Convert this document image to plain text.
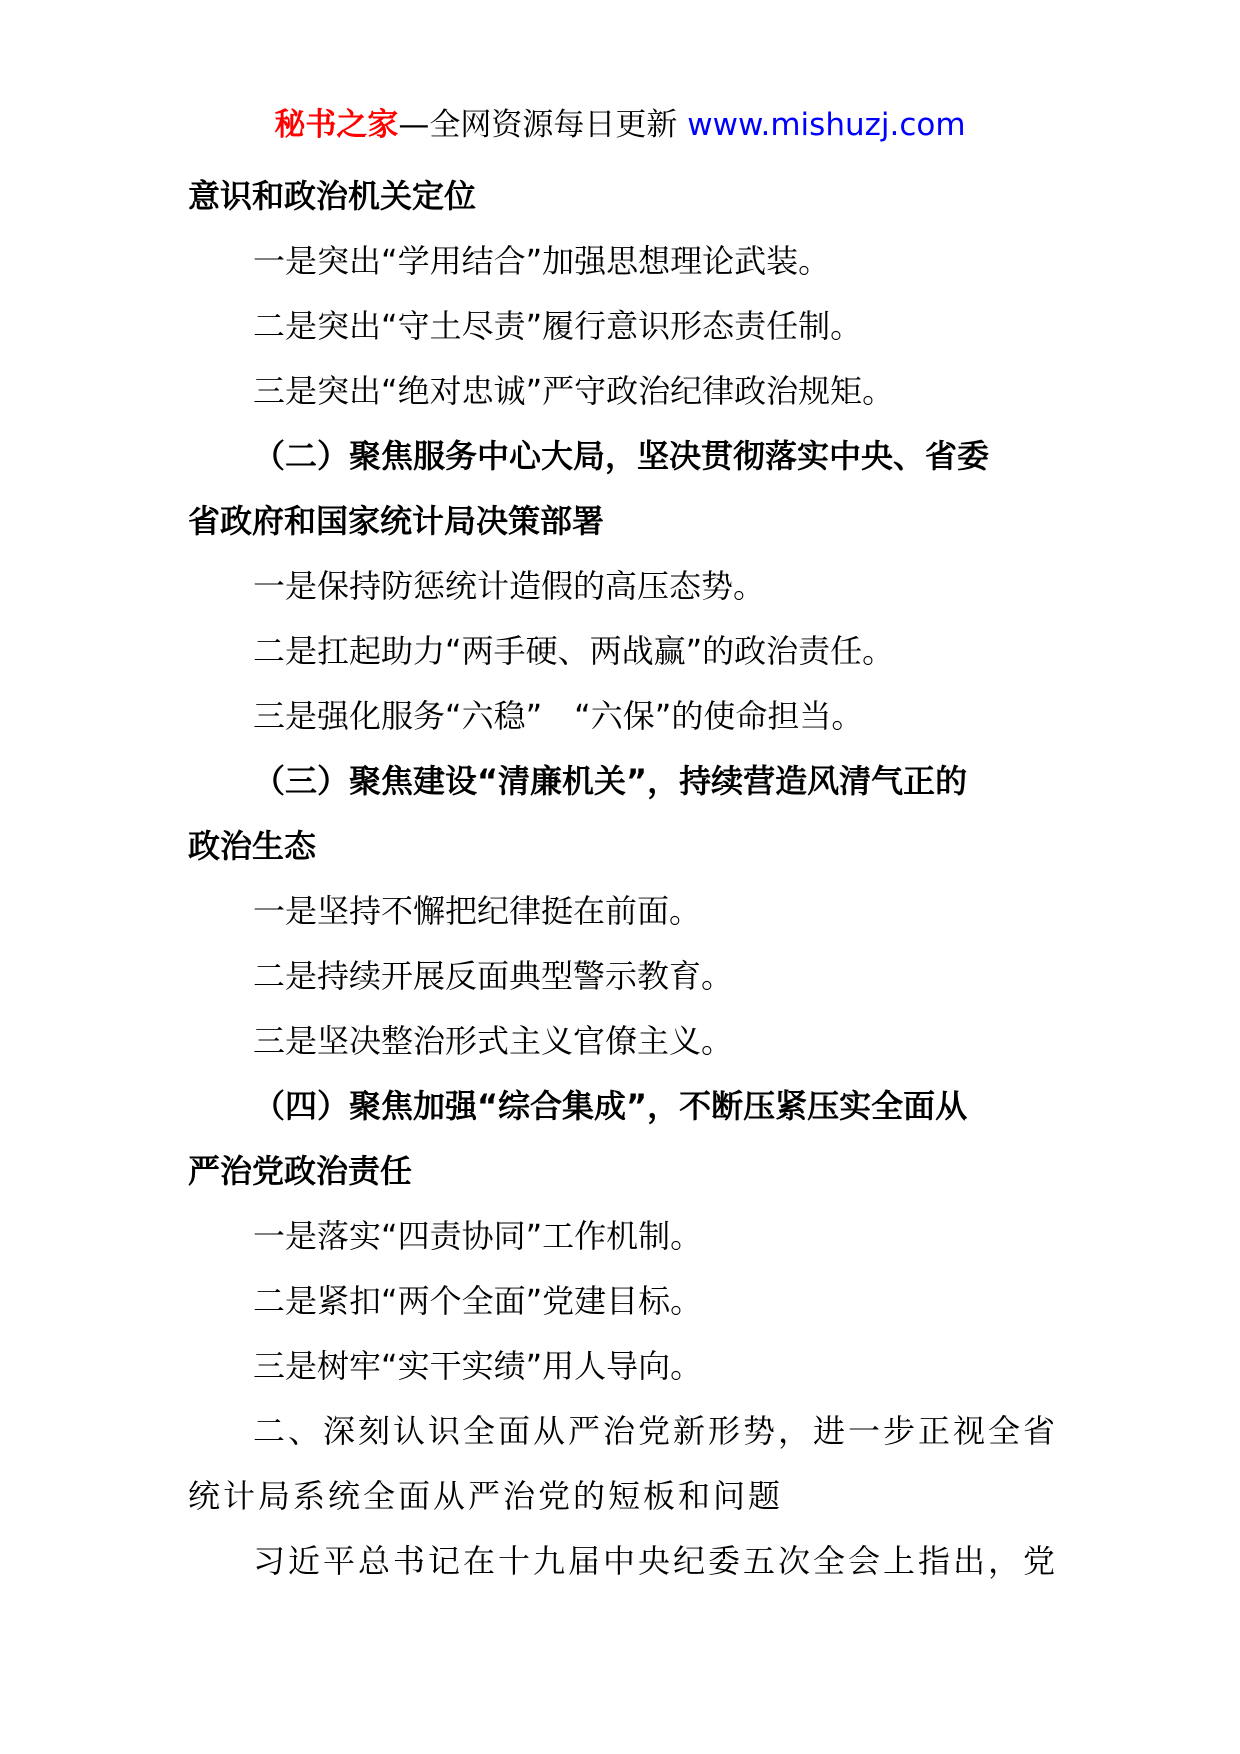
秘书之家—全网资源每日更新 www.mishuzj.com
意识和政治机关定位
一是突出“学用结合”加强思想理论武装。
二是突出“守土尽责”履行意识形态责任制。
三是突出“绝对忠诚”严守政治纪律政治规矩。
（二）聚焦服务中心大局，坚决贯彻落实中央、省委
省政府和国家统计局决策部署
一是保持防惩统计造假的高压态势。
二是扛起助力“两手硬、两战赢”的政治责任。
三是强化服务“六稳”　“六保”的使命担当。
（三）聚焦建设“清廉机关”，持续营造风清气正的
政治生态
一是坚持不懈把纪律挺在前面。
二是持续开展反面典型警示教育。
三是坚决整治形式主义官僚主义。
（四）聚焦加强“综合集成”，不断压紧压实全面从
严治党政治责任
一是落实“四责协同”工作机制。
二是紧扣“两个全面”党建目标。
三是树牢“实干实绩”用人导向。
二、深刻认识全面从严治党新形势，进一步正视全省
统计局系统全面从严治党的短板和问题
习近平总书记在十九届中央纪委五次全会上指出，党
